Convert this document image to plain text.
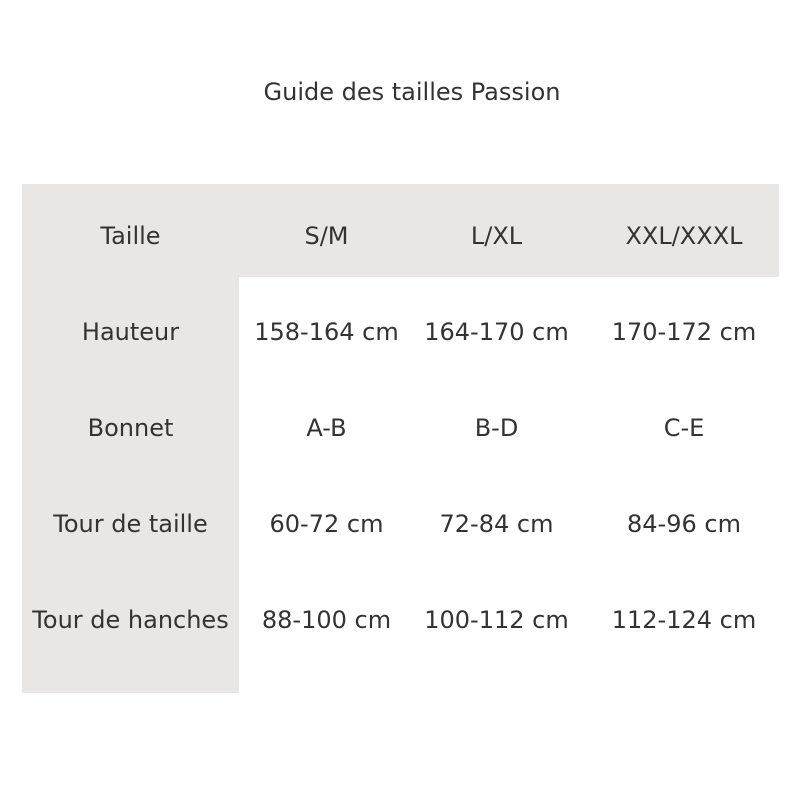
Guide des tailles Passion
Taille	S/M	L/XL	XXL/XXXL
Hauteur	158-164 cm	164-170 cm	170-172 cm
Bonnet	A-B	B-D	C-E
Tour de taille	60-72 cm	72-84 cm	84-96 cm
Tour de hanches	88-100 cm	100-112 cm	112-124 cm
